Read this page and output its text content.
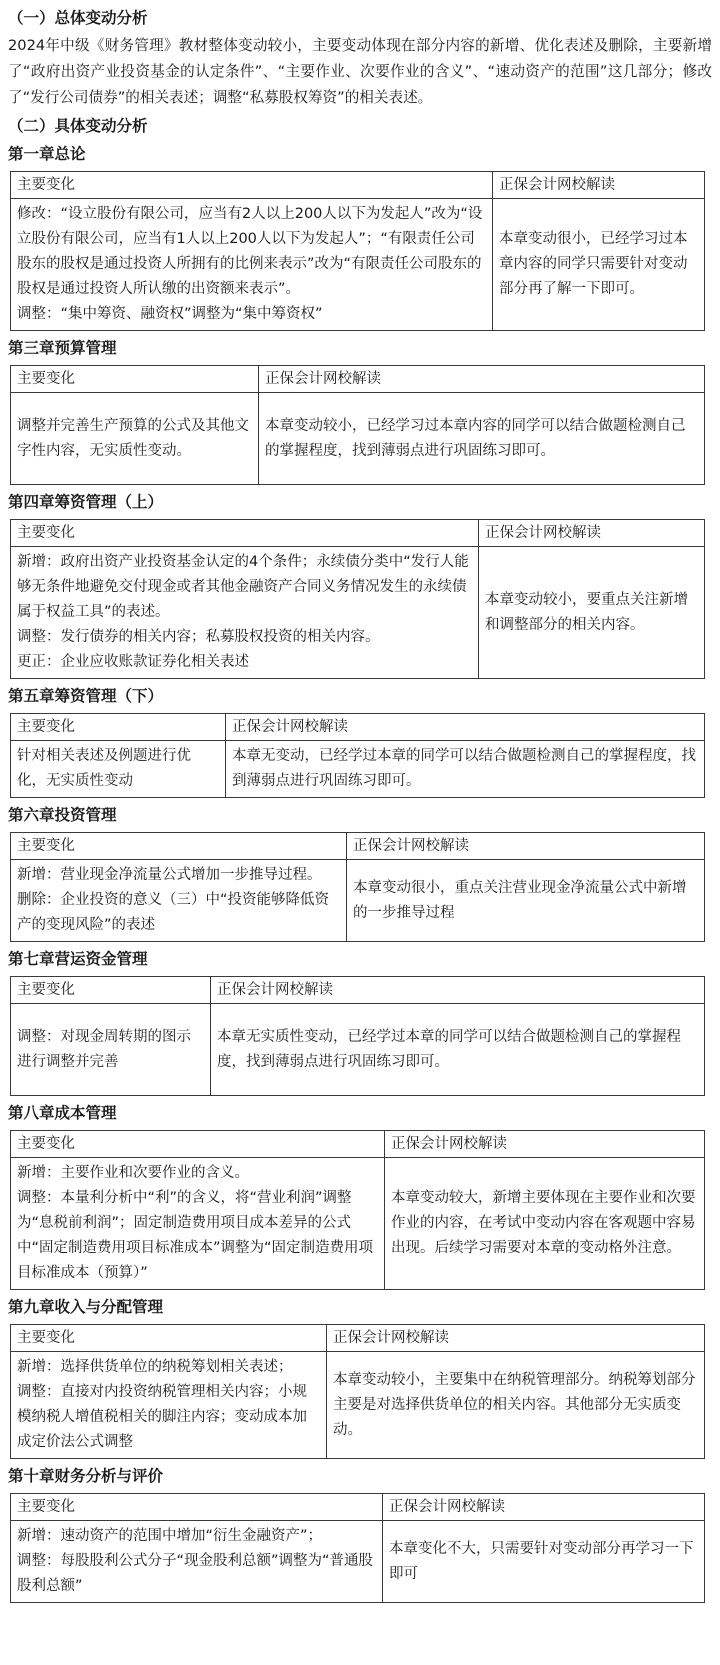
（一）总体变动分析

2024年中级《财务管理》教材整体变动较小，主要变动体现在部分内容的新增、优化表述及删除，主要新增了“政府出资产业投资基金的认定条件”、“主要作业、次要作业的含义”、“速动资产的范围”这几部分；修改了“发行公司债券”的相关表述；调整“私募股权筹资”的相关表述。

（二）具体变动分析

第一章总论

主要变化	正保会计网校解读

修改：“设立股份有限公司，应当有2人以上200人以下为发起人”改为“设立股份有限公司，应当有1人以上200人以下为发起人”；“有限责任公司股东的股权是通过投资人所拥有的比例来表示”改为“有限责任公司股东的股权是通过投资人所认缴的出资额来表示”。
调整：“集中筹资、融资权”调整为“集中筹资权”	本章变动很小，已经学习过本章内容的同学只需要针对变动部分再了解一下即可。

第三章预算管理

主要变化	正保会计网校解读

调整并完善生产预算的公式及其他文字性内容，无实质性变动。	本章变动较小，已经学习过本章内容的同学可以结合做题检测自己的掌握程度，找到薄弱点进行巩固练习即可。

第四章筹资管理（上）

主要变化	正保会计网校解读

新增：政府出资产业投资基金认定的4个条件；永续债分类中“发行人能够无条件地避免交付现金或者其他金融资产合同义务情况发生的永续债属于权益工具”的表述。
调整：发行债券的相关内容；私募股权投资的相关内容。
更正：企业应收账款证券化相关表述	本章变动较小，要重点关注新增和调整部分的相关内容。

第五章筹资管理（下）

主要变化	正保会计网校解读

针对相关表述及例题进行优化，无实质性变动	本章无变动，已经学过本章的同学可以结合做题检测自己的掌握程度，找到薄弱点进行巩固练习即可。

第六章投资管理

主要变化	正保会计网校解读

新增：营业现金净流量公式增加一步推导过程。
删除：企业投资的意义（三）中“投资能够降低资产的变现风险”的表述	本章变动很小，重点关注营业现金净流量公式中新增的一步推导过程

第七章营运资金管理

主要变化	正保会计网校解读

调整：对现金周转期的图示进行调整并完善	本章无实质性变动，已经学过本章的同学可以结合做题检测自己的掌握程度，找到薄弱点进行巩固练习即可。

第八章成本管理

主要变化	正保会计网校解读

新增：主要作业和次要作业的含义。
调整：本量利分析中“利”的含义，将“营业利润”调整为“息税前利润”；固定制造费用项目成本差异的公式中“固定制造费用项目标准成本”调整为“固定制造费用项目标准成本（预算）”	本章变动较大，新增主要体现在主要作业和次要作业的内容，在考试中变动内容在客观题中容易出现。后续学习需要对本章的变动格外注意。

第九章收入与分配管理

主要变化	正保会计网校解读

新增：选择供货单位的纳税筹划相关表述；
调整：直接对内投资纳税管理相关内容；小规模纳税人增值税相关的脚注内容；变动成本加成定价法公式调整	本章变动较小，主要集中在纳税管理部分。纳税筹划部分主要是对选择供货单位的相关内容。其他部分无实质变动。

第十章财务分析与评价

主要变化	正保会计网校解读

新增：速动资产的范围中增加“衍生金融资产”；
调整：每股股利公式分子“现金股利总额”调整为“普通股股利总额”	本章变化不大，只需要针对变动部分再学习一下即可
